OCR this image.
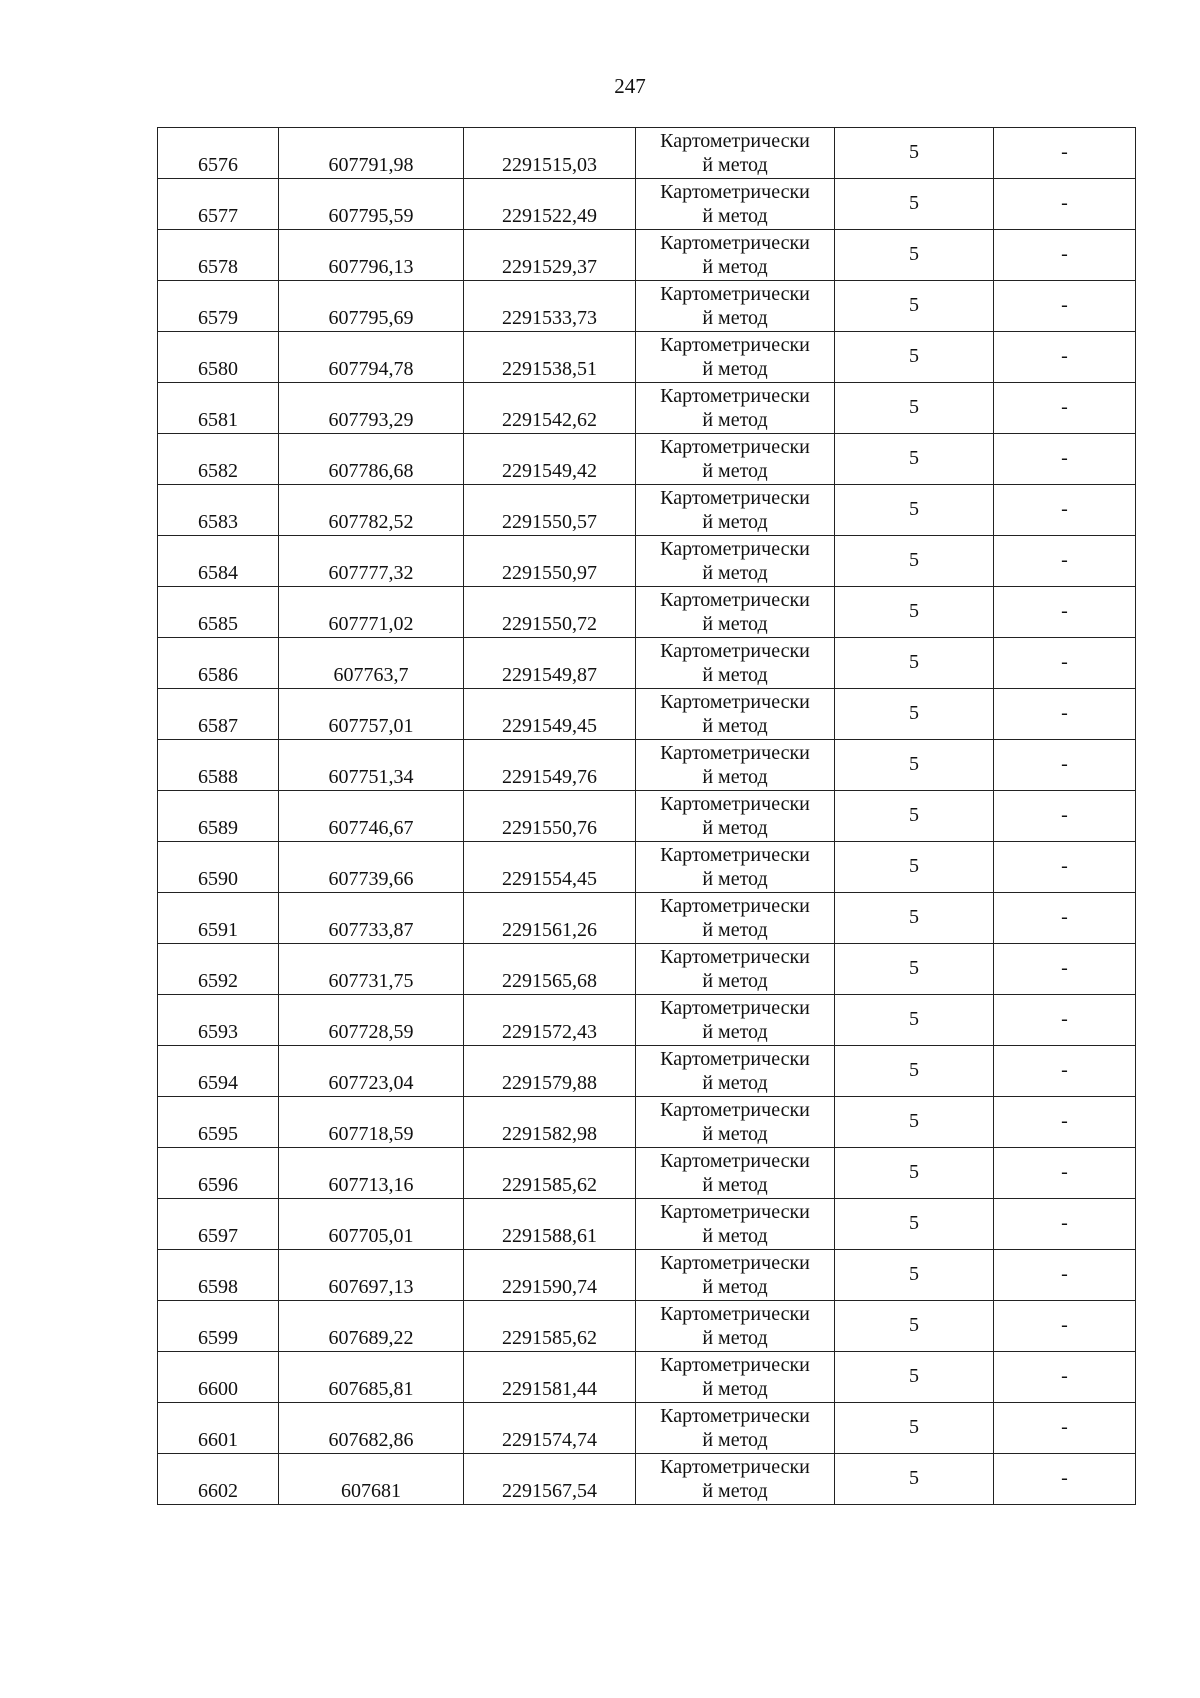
247
6576	607791,98	2291515,03	Картометрически
й метод	5	-

6577	607795,59	2291522,49	Картометрически
й метод	5	-

6578	607796,13	2291529,37	Картометрически
й метод	5	-

6579	607795,69	2291533,73	Картометрически
й метод	5	-

6580	607794,78	2291538,51	Картометрически
й метод	5	-

6581	607793,29	2291542,62	Картометрически
й метод	5	-

6582	607786,68	2291549,42	Картометрически
й метод	5	-

6583	607782,52	2291550,57	Картометрически
й метод	5	-

6584	607777,32	2291550,97	Картометрически
й метод	5	-

6585	607771,02	2291550,72	Картометрически
й метод	5	-

6586	607763,7	2291549,87	Картометрически
й метод	5	-

6587	607757,01	2291549,45	Картометрически
й метод	5	-

6588	607751,34	2291549,76	Картометрически
й метод	5	-

6589	607746,67	2291550,76	Картометрически
й метод	5	-

6590	607739,66	2291554,45	Картометрически
й метод	5	-

6591	607733,87	2291561,26	Картометрически
й метод	5	-

6592	607731,75	2291565,68	Картометрически
й метод	5	-

6593	607728,59	2291572,43	Картометрически
й метод	5	-

6594	607723,04	2291579,88	Картометрически
й метод	5	-

6595	607718,59	2291582,98	Картометрически
й метод	5	-

6596	607713,16	2291585,62	Картометрически
й метод	5	-

6597	607705,01	2291588,61	Картометрически
й метод	5	-

6598	607697,13	2291590,74	Картометрически
й метод	5	-

6599	607689,22	2291585,62	Картометрически
й метод	5	-

6600	607685,81	2291581,44	Картометрически
й метод	5	-

6601	607682,86	2291574,74	Картометрически
й метод	5	-

6602	607681	2291567,54	Картометрически
й метод	5	-
